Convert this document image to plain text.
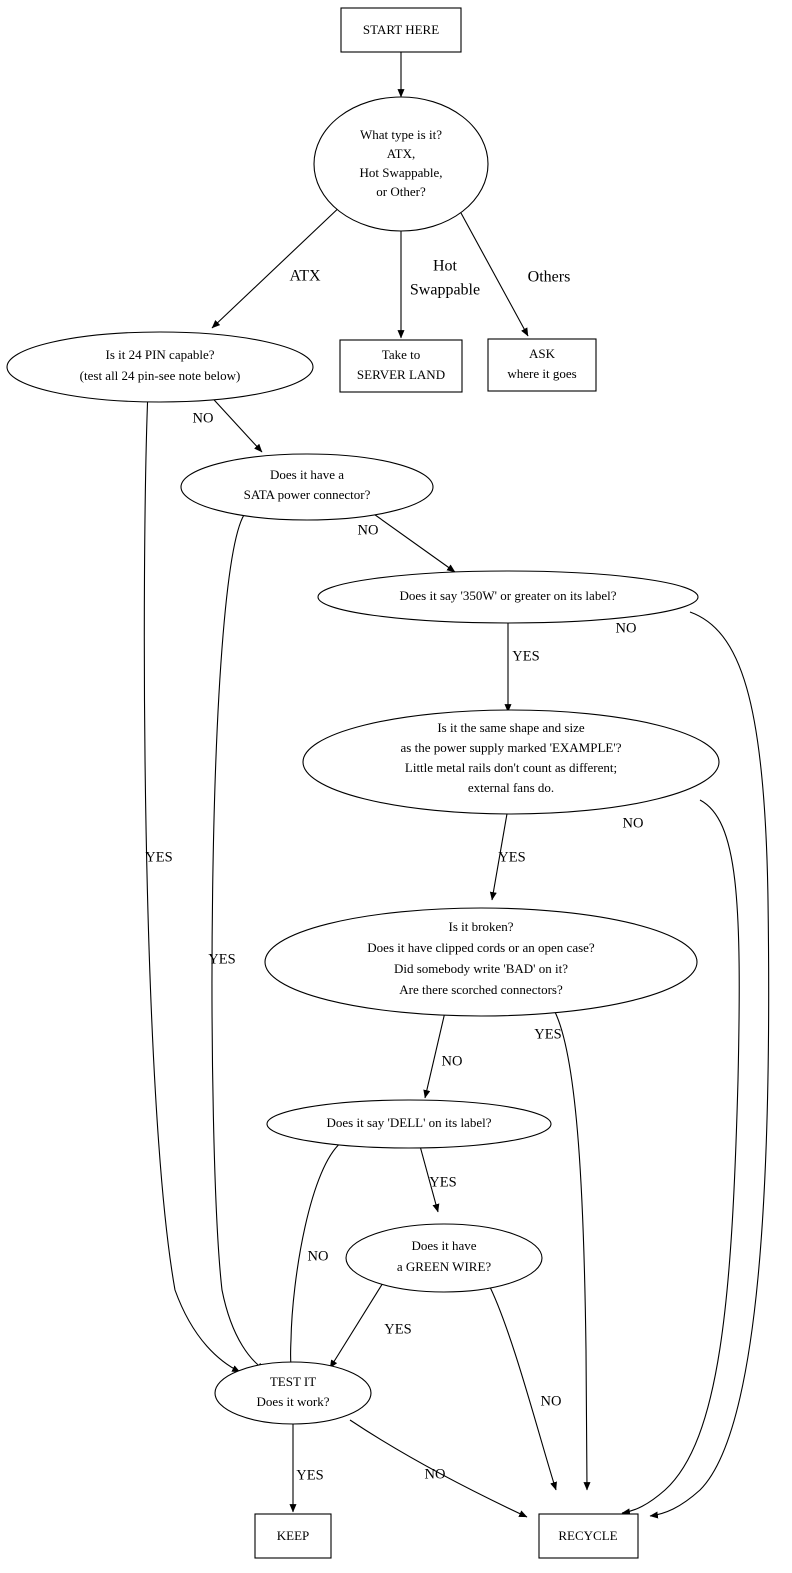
START HERE
What type is it?
ATX,
Hot Swappable,
or Other?
Take to
SERVER LAND
ASK
where it goes
Is it 24 PIN capable?
(test all 24 pin-see note below)
Does it have a
SATA power connector?
Does it say '350W' or greater on its label?
Is it the same shape and size
as the power supply marked 'EXAMPLE'?
Little metal rails don't count as different;
external fans do.
Is it broken?
Does it have clipped cords or an open case?
Did somebody write 'BAD' on it?
Are there scorched connectors?
Does it say 'DELL' on its label?
Does it have
a GREEN WIRE?
TEST IT
Does it work?
KEEP	RECYCLE
ATX
Hot
Swappable
Others
NO
YES
NO
YES
YES
NO
YES
NO
NO
YES
YES
NO
YES
NO
YES	NO
